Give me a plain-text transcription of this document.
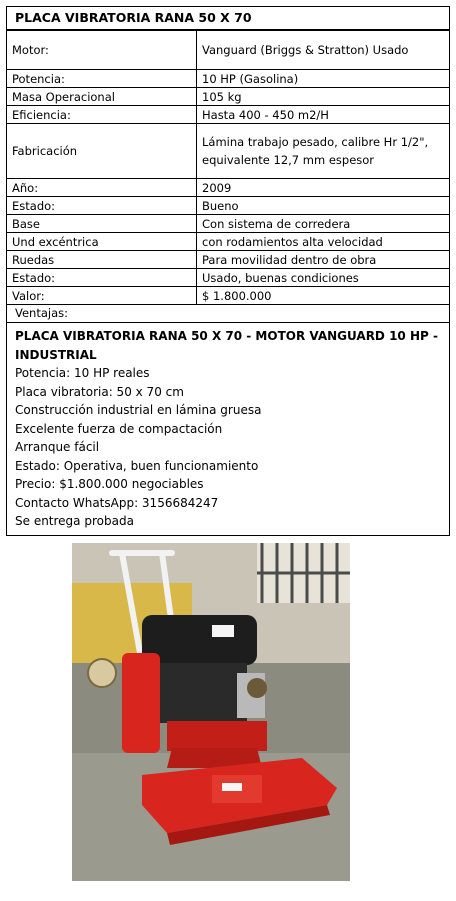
PLACA VIBRATORIA RANA 50 X 70
Motor:	Vanguard (Briggs & Stratton) Usado
Potencia:	10 HP (Gasolina)
Masa Operacional	105 kg
Eficiencia:	Hasta 400 - 450 m2/H
Fabricación	Lámina trabajo pesado, calibre Hr 1/2",
equivalente 12,7 mm espesor

Año:	2009
Estado:	Bueno
Base	Con sistema de corredera
Und excéntrica	con rodamientos alta velocidad
Ruedas	Para movilidad dentro de obra
Estado:	Usado, buenas condiciones
Valor:	$ 1.800.000
Ventajas:
PLACA VIBRATORIA RANA 50 X 70 - MOTOR VANGUARD 10 HP -
INDUSTRIAL
Potencia: 10 HP reales
Placa vibratoria: 50 x 70 cm
Construcción industrial en lámina gruesa
Excelente fuerza de compactación
Arranque fácil
Estado: Operativa, buen funcionamiento
Precio: $1.800.000 negociables
Contacto WhatsApp: 3156684247
Se entrega probada
